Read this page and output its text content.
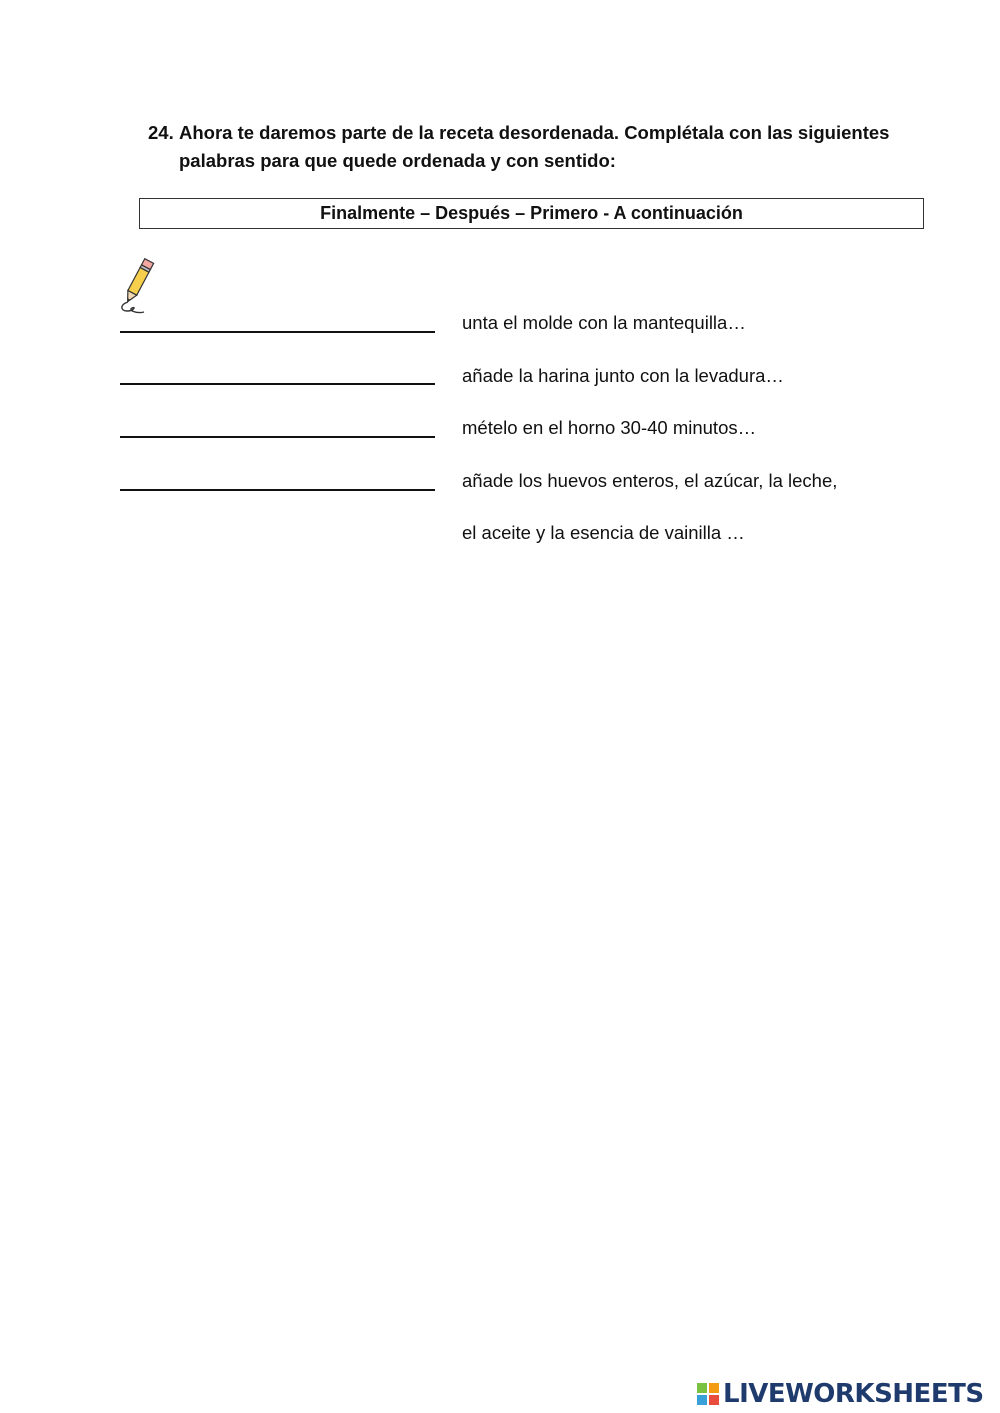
24. Ahora te daremos parte de la receta desordenada. Complétala con las siguientes
palabras para que quede ordenada y con sentido:
Finalmente – Después – Primero - A continuación
unta el molde con la mantequilla…
añade la harina junto con la levadura…
mételo en el horno 30-40 minutos…
añade los huevos enteros, el azúcar, la leche,
el aceite y la esencia de vainilla …
LIVEWORKSHEETS
